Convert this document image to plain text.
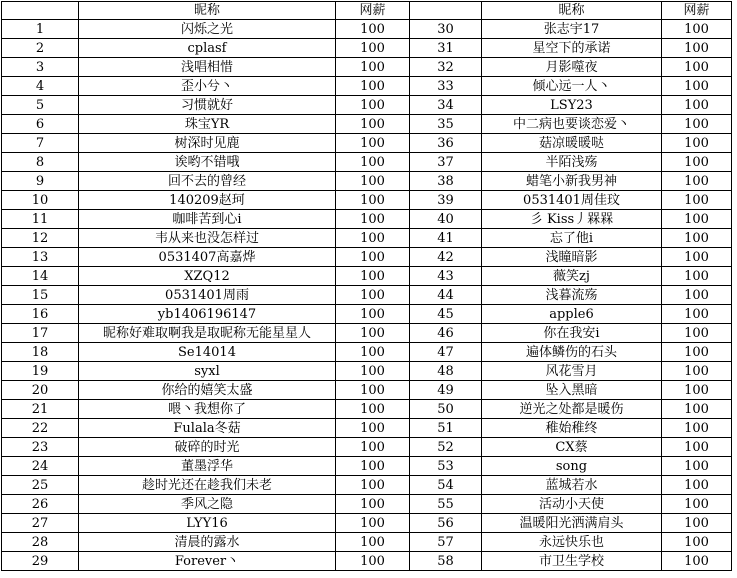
	昵称	网薪		昵称	网薪
1	闪烁之光	100	30	张志宇17	100
2	cplasf	100	31	星空下的承诺	100
3	浅唱相惜	100	32	月影噬夜	100
4	歪小兮丶	100	33	倾心远一人丶	100
5	习惯就好	100	34	LSY23	100
6	珠宝YR	100	35	中二病也要谈恋爱丶	100
7	树深时见鹿	100	36	菇凉暖暖哒	100
8	诶哟不错哦	100	37	半陌浅殇	100
9	回不去的曾经	100	38	蜡笔小新我男神	100
10	140209赵珂	100	39	0531401周佳玟	100
11	咖啡苦到心i	100	40	彡 Kiss丿槑槑	100
12	韦从来也没怎样过	100	41	忘了他i	100
13	0531407高嘉烨	100	42	浅瞳暗影	100
14	XZQ12	100	43	薇笑zj	100
15	0531401周雨	100	44	浅暮流殇	100
16	yb1406196147	100	45	apple6	100
17	昵称好难取啊我是取昵称无能星星人	100	46	你在我安i	100
18	Se14014	100	47	遍体鳞伤的石头	100
19	syxl	100	48	风花雪月	100
20	你给的嬉笑太盛	100	49	坠入黑暗	100
21	喂丶我想你了	100	50	逆光之处都是暖伤	100
22	Fulala冬菇	100	51	稚始稚终	100
23	破碎的时光	100	52	CX蔡	100
24	董墨浮华	100	53	song	100
25	趁时光还在趁我们未老	100	54	蓝城若水	100
26	季风之隐	100	55	活动小天使	100
27	LYY16	100	56	温暖阳光洒满肩头	100
28	清晨的露水	100	57	永远快乐也	100
29	Forever丶	100	58	市卫生学校	100
